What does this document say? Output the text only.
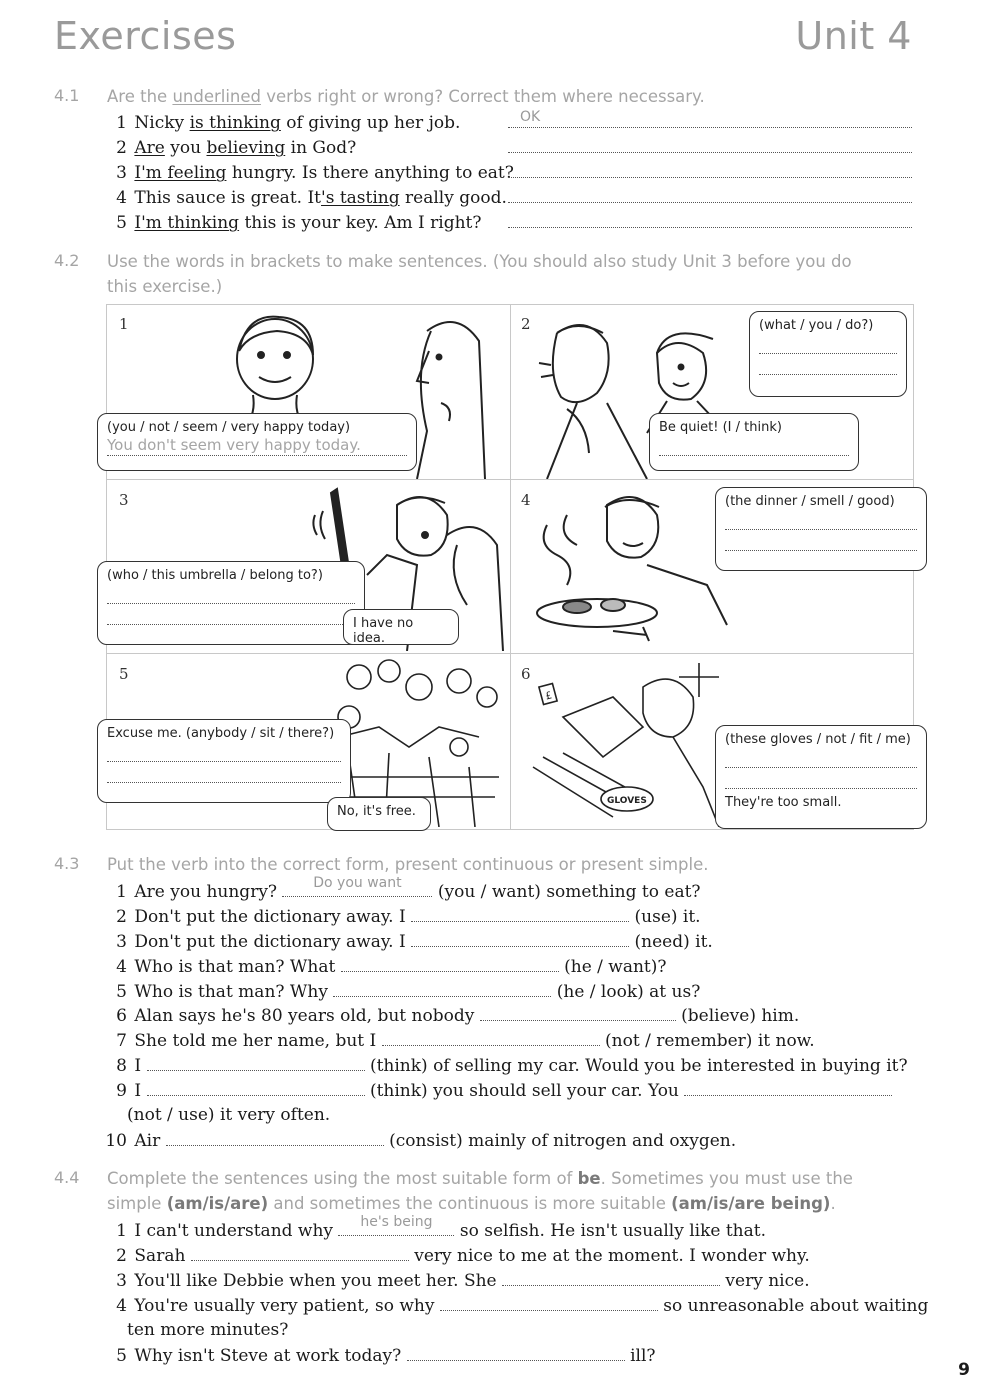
Exercises	Unit 4
4.1 Are the underlined verbs right or wrong? Correct them where necessary.
1 Nicky is thinking of giving up her job.
2 Are you believing in God?
3 I'm feeling hungry. Is there anything to eat?
4 This sauce is great. It's tasting really good.
5 I'm thinking this is your key. Am I right?
OK
4.2 Use the words in brackets to make sentences. (You should also study Unit 3 before you do this exercise.)
1
(you / not / seem / very happy today)
You don't seem very happy today.
2	(what / you / do?)
Be quiet! (I / think)
3
(who / this umbrella / belong to?)
I have no idea.
4	(the dinner / smell / good)
5
Excuse me. (anybody / sit / there?)
No, it's free.
6
GLOVES
£
(these gloves / not / fit / me)
They're too small.
4.3 Put the verb into the correct form, present continuous or present simple.
1 Are you hungry?	Do you want	(you / want) something to eat?
2 Don't put the dictionary away. I	(use) it.
3 Don't put the dictionary away. I	(need) it.
4 Who is that man? What	(he / want)?
5 Who is that man? Why	(he / look) at us?
6 Alan says he's 80 years old, but nobody	(believe) him.
7 She told me her name, but I	(not / remember) it now.
8 I	(think) of selling my car. Would you be interested in buying it?
9 I	(think) you should sell your car. You
(not / use) it very often.
10 Air	(consist) mainly of nitrogen and oxygen.
4.4 Complete the sentences using the most suitable form of be. Sometimes you must use the simple (am/is/are) and sometimes the continuous is more suitable (am/is/are being).
1 I can't understand why	he's being	so selfish. He isn't usually like that.
2 Sarah	very nice to me at the moment. I wonder why.
3 You'll like Debbie when you meet her. She	very nice.
4 You're usually very patient, so why	so unreasonable about waiting
ten more minutes?
5 Why isn't Steve at work today?	ill?
9
